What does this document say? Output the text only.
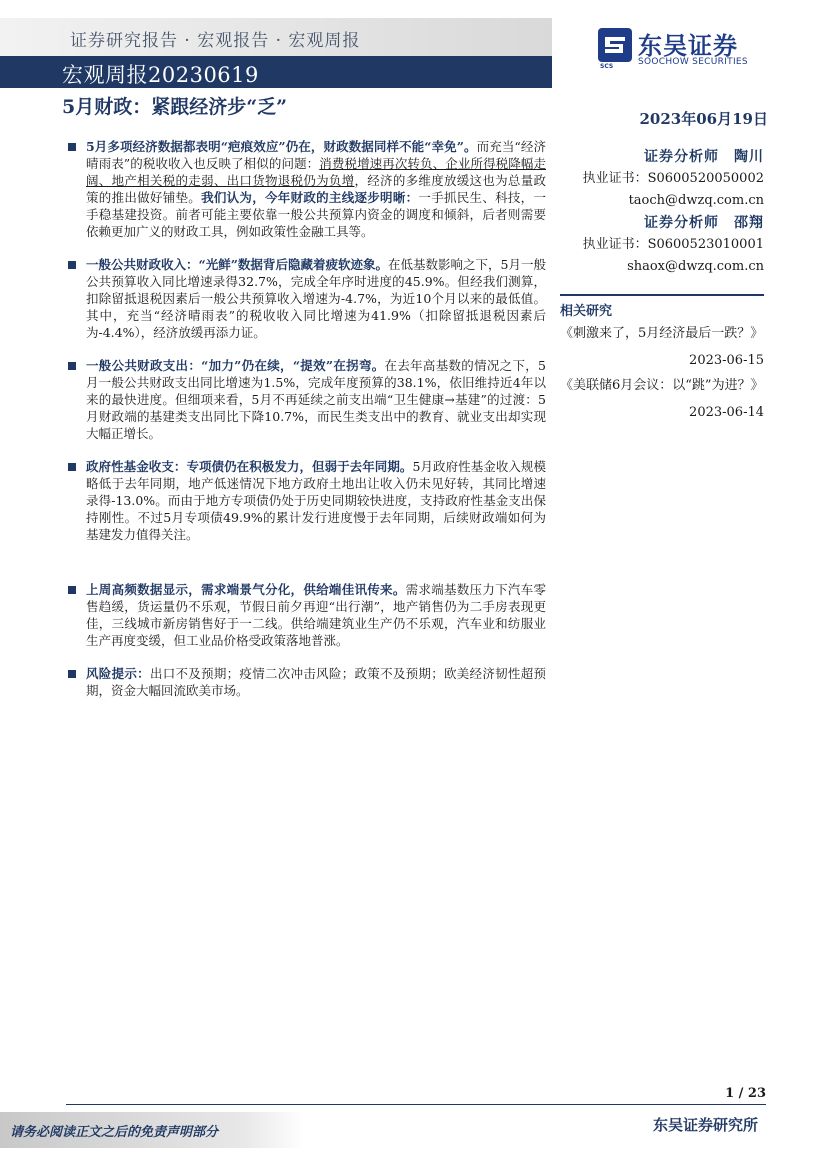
证券研究报告 · 宏观报告 · 宏观周报
宏观周报20230619	SCS
东吴证券
SOOCHOW SECURITIES
5月财政：紧跟经济步“乏”
2023年06月19日
5月多项经济数据都表明“疤痕效应”仍在，财政数据同样不能“幸免”。而充当“经济晴雨表”的税收收入也反映了相似的问题：消费税增速再次转负、企业所得税降幅走阔、地产相关税的走弱、出口货物退税仍为负增，经济的多维度放缓这也为总量政策的推出做好铺垫。我们认为，今年财政的主线逐步明晰：一手抓民生、科技，一手稳基建投资。前者可能主要依靠一般公共预算内资金的调度和倾斜，后者则需要依赖更加广义的财政工具，例如政策性金融工具等。
一般公共财政收入：“光鲜”数据背后隐藏着疲软迹象。在低基数影响之下，5月一般公共预算收入同比增速录得32.7%，完成全年序时进度的45.9%。但经我们测算，扣除留抵退税因素后一般公共预算收入增速为-4.7%，为近10个月以来的最低值。其中，充当“经济晴雨表”的税收收入同比增速为41.9%（扣除留抵退税因素后为-4.4%），经济放缓再添力证。
一般公共财政支出：“加力”仍在续，“提效”在拐弯。在去年高基数的情况之下，5月一般公共财政支出同比增速为1.5%，完成年度预算的38.1%，依旧维持近4年以来的最快进度。但细项来看，5月不再延续之前支出端“卫生健康→基建”的过渡：5月财政端的基建类支出同比下降10.7%，而民生类支出中的教育、就业支出却实现大幅正增长。
政府性基金收支：专项债仍在积极发力，但弱于去年同期。5月政府性基金收入规模略低于去年同期，地产低迷情况下地方政府土地出让收入仍未见好转，其同比增速录得-13.0%。而由于地方专项债仍处于历史同期较快进度，支持政府性基金支出保持刚性。不过5月专项债49.9%的累计发行进度慢于去年同期，后续财政端如何为基建发力值得关注。
上周高频数据显示，需求端景气分化，供给端佳讯传来。需求端基数压力下汽车零售趋缓，货运量仍不乐观，节假日前夕再迎“出行潮”，地产销售仍为二手房表现更佳，三线城市新房销售好于一二线。供给端建筑业生产仍不乐观，汽车业和纺服业生产再度变缓，但工业品价格受政策落地普涨。
风险提示：出口不及预期；疫情二次冲击风险；政策不及预期；欧美经济韧性超预期，资金大幅回流欧美市场。
证券分析师　陶川
执业证书：S0600520050002
taoch@dwzq.com.cn
证券分析师　邵翔
执业证书：S0600523010001
shaox@dwzq.com.cn
相关研究
《刺激来了，5月经济最后一跌？》
2023-06-15
《美联储6月会议：以“跳”为进？》
2023-06-14
1 / 23
请务必阅读正文之后的免责声明部分	东吴证券研究所
